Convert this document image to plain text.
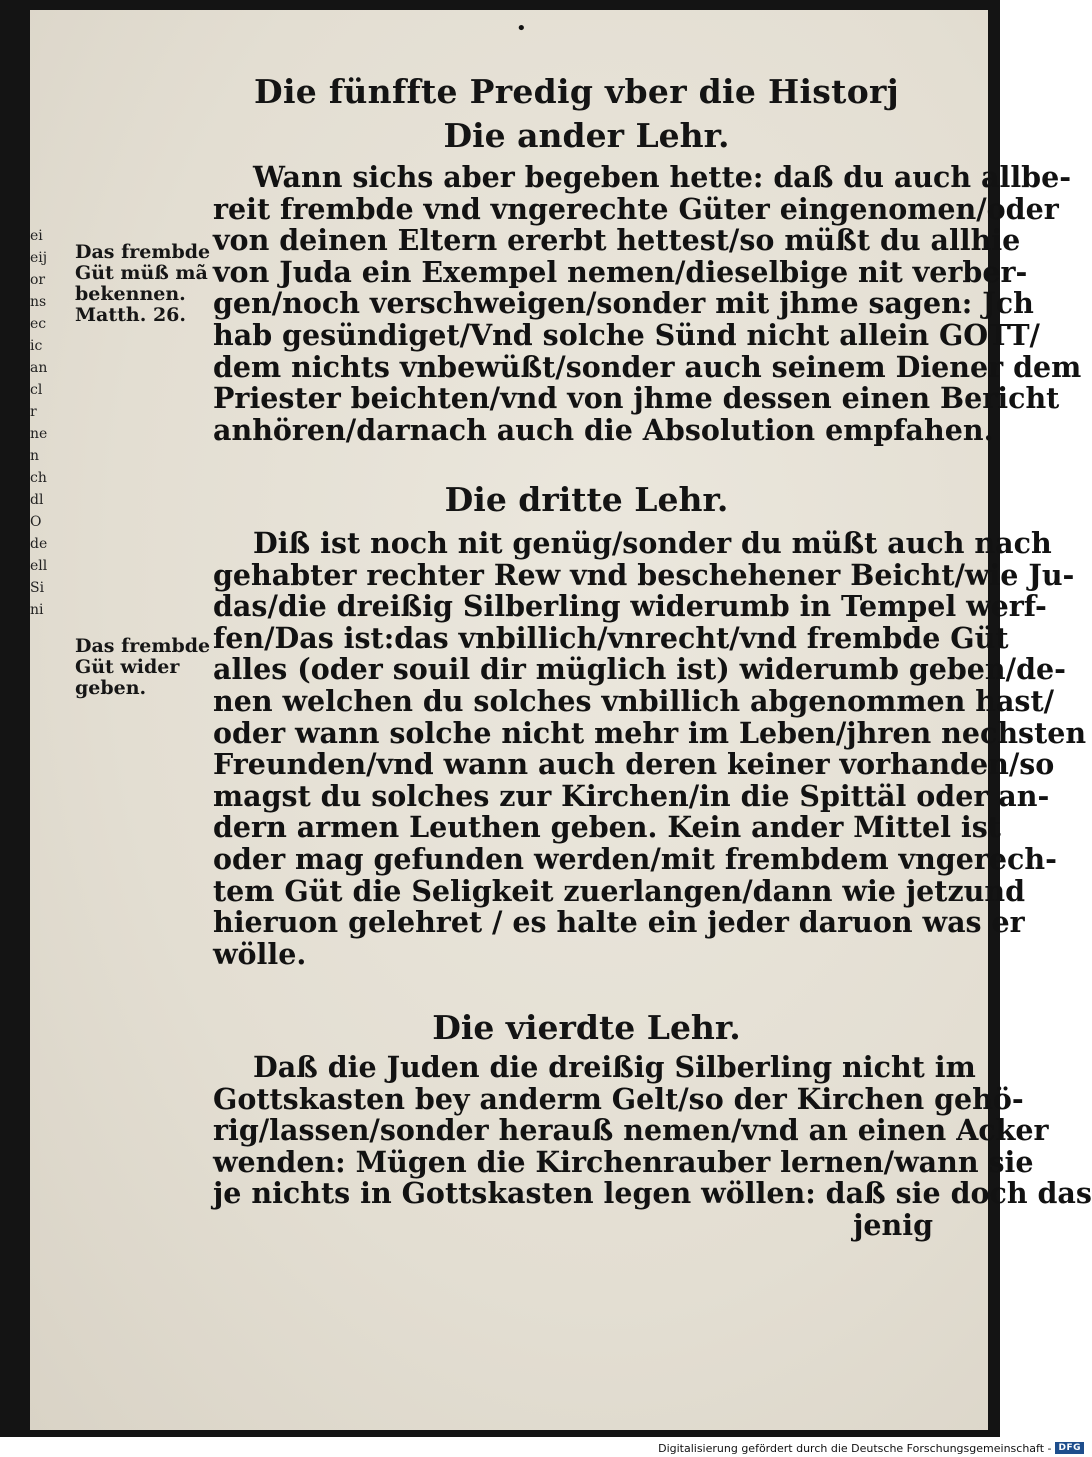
ei
eij
or
ns
ec
ic
an
cl
r
ne
n
ch
dl
O
de
ell
Si
ni
•
Die fünffte Predig vber die Historj
Die ander Lehr.
Wann sichs aber begeben hette: daß du auch allbe-
reit frembde vnd vngerechte Güter eingenomen/oder
von deinen Eltern ererbt hettest/so müßt du allhie
von Juda ein Exempel nemen/dieselbige nit verber-
gen/noch verschweigen/sonder mit jhme sagen: Jch
hab gesündiget/Vnd solche Sünd nicht allein GOTT/
dem nichts vnbewüßt/sonder auch seinem Diener dem
Priester beichten/vnd von jhme dessen einen Bericht
anhören/darnach auch die Absolution empfahen.
Die dritte Lehr.
Diß ist noch nit genüg/sonder du müßt auch nach
gehabter rechter Rew vnd beschehener Beicht/wie Ju-
das/die dreißig Silberling widerumb in Tempel werf-
fen/Das ist:das vnbillich/vnrecht/vnd frembde Güt
alles (oder souil dir müglich ist) widerumb geben/de-
nen welchen du solches vnbillich abgenommen hast/
oder wann solche nicht mehr im Leben/jhren nechsten
Freunden/vnd wann auch deren keiner vorhanden/so
magst du solches zur Kirchen/in die Spittäl oder an-
dern armen Leuthen geben. Kein ander Mittel ist
oder mag gefunden werden/mit frembdem vngerech-
tem Güt die Seligkeit zuerlangen/dann wie jetzund
hieruon gelehret / es halte ein jeder daruon was er
wölle.
Die vierdte Lehr.
Daß die Juden die dreißig Silberling nicht im
Gottskasten bey anderm Gelt/so der Kirchen gehö-
rig/lassen/sonder herauß nemen/vnd an einen Acker
wenden: Mügen die Kirchenrauber lernen/wann sie
je nichts in Gottskasten legen wöllen: daß sie doch das
jenig
Das frembde
Güt müß mã
bekennen.
Matth. 26.
Das frembde
Güt wider
geben.
Digitalisierung gefördert durch die Deutsche Forschungsgemeinschaft - DFG
